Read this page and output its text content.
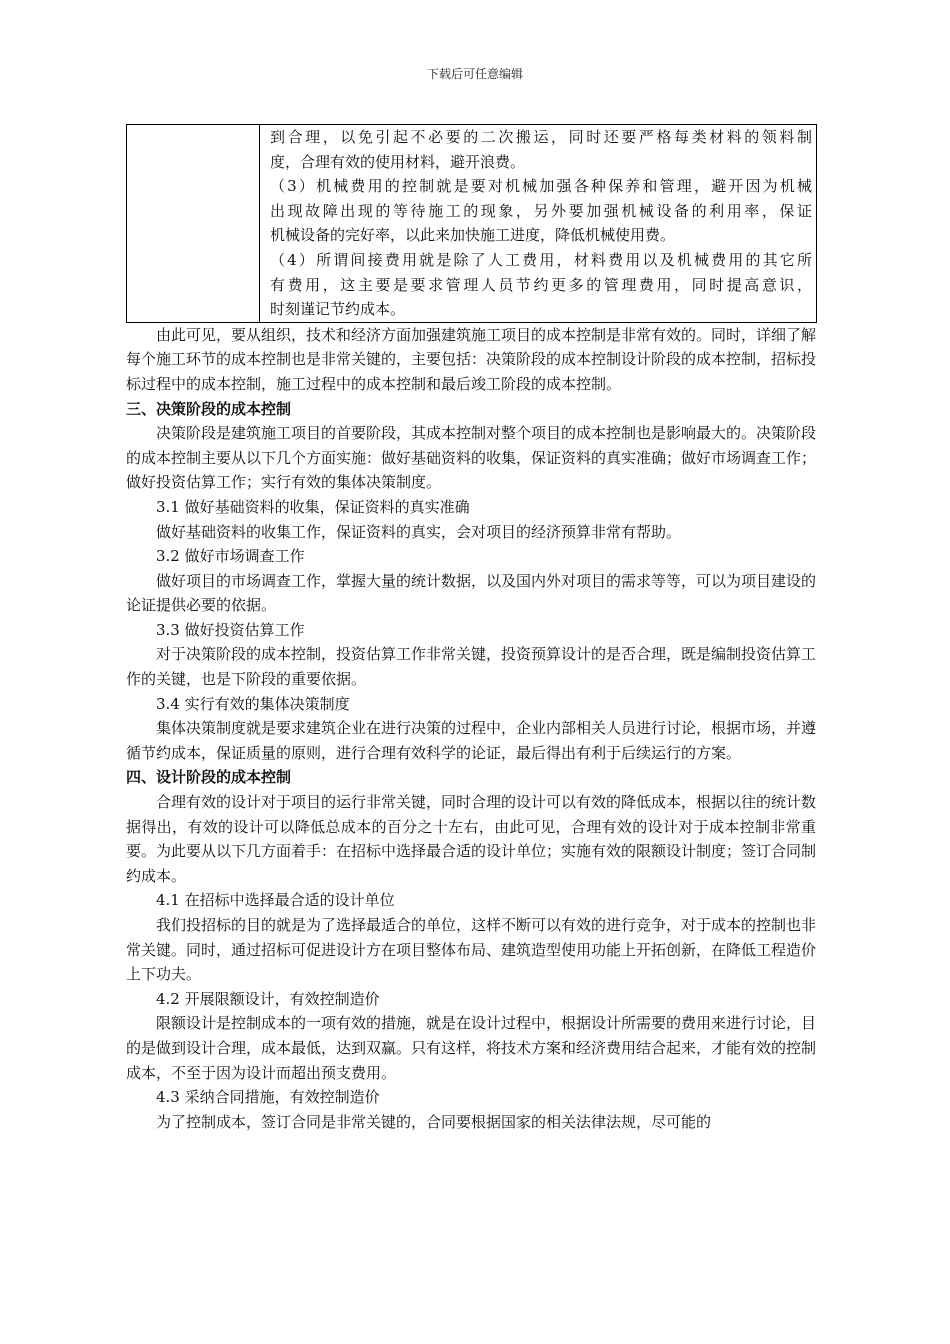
下载后可任意编辑

到合理，以免引起不必要的二次搬运，同时还要严格每类材料的领料制
度，合理有效的使用材料，避开浪费。
（3）机械费用的控制就是要对机械加强各种保养和管理，避开因为机械
出现故障出现的等待施工的现象，另外要加强机械设备的利用率，保证
机械设备的完好率，以此来加快施工进度，降低机械使用费。
（4）所谓间接费用就是除了人工费用，材料费用以及机械费用的其它所
有费用，这主要是要求管理人员节约更多的管理费用，同时提高意识，
时刻谨记节约成本。

由此可见，要从组织，技术和经济方面加强建筑施工项目的成本控制是非常有效的。同时，详细了解每个施工环节的成本控制也是非常关键的，主要包括：决策阶段的成本控制设计阶段的成本控制，招标投标过程中的成本控制，施工过程中的成本控制和最后竣工阶段的成本控制。

三、决策阶段的成本控制

决策阶段是建筑施工项目的首要阶段，其成本控制对整个项目的成本控制也是影响最大的。决策阶段的成本控制主要从以下几个方面实施：做好基础资料的收集，保证资料的真实准确；做好市场调查工作；做好投资估算工作；实行有效的集体决策制度。

3.1 做好基础资料的收集，保证资料的真实准确

做好基础资料的收集工作，保证资料的真实，会对项目的经济预算非常有帮助。

3.2 做好市场调查工作

做好项目的市场调查工作，掌握大量的统计数据，以及国内外对项目的需求等等，可以为项目建设的论证提供必要的依据。

3.3 做好投资估算工作

对于决策阶段的成本控制，投资估算工作非常关键，投资预算设计的是否合理，既是编制投资估算工作的关键，也是下阶段的重要依据。

3.4 实行有效的集体决策制度

集体决策制度就是要求建筑企业在进行决策的过程中，企业内部相关人员进行讨论，根据市场，并遵循节约成本，保证质量的原则，进行合理有效科学的论证，最后得出有利于后续运行的方案。

四、设计阶段的成本控制

合理有效的设计对于项目的运行非常关键，同时合理的设计可以有效的降低成本，根据以往的统计数据得出，有效的设计可以降低总成本的百分之十左右，由此可见，合理有效的设计对于成本控制非常重要。为此要从以下几方面着手：在招标中选择最合适的设计单位；实施有效的限额设计制度；签订合同制约成本。

4.1 在招标中选择最合适的设计单位

我们投招标的目的就是为了选择最适合的单位，这样不断可以有效的进行竞争，对于成本的控制也非常关键。同时，通过招标可促进设计方在项目整体布局、建筑造型使用功能上开拓创新，在降低工程造价上下功夫。

4.2 开展限额设计，有效控制造价

限额设计是控制成本的一项有效的措施，就是在设计过程中，根据设计所需要的费用来进行讨论，目的是做到设计合理，成本最低，达到双赢。只有这样，将技术方案和经济费用结合起来，才能有效的控制成本，不至于因为设计而超出预支费用。

4.3 采纳合同措施，有效控制造价

为了控制成本，签订合同是非常关键的，合同要根据国家的相关法律法规，尽可能的
